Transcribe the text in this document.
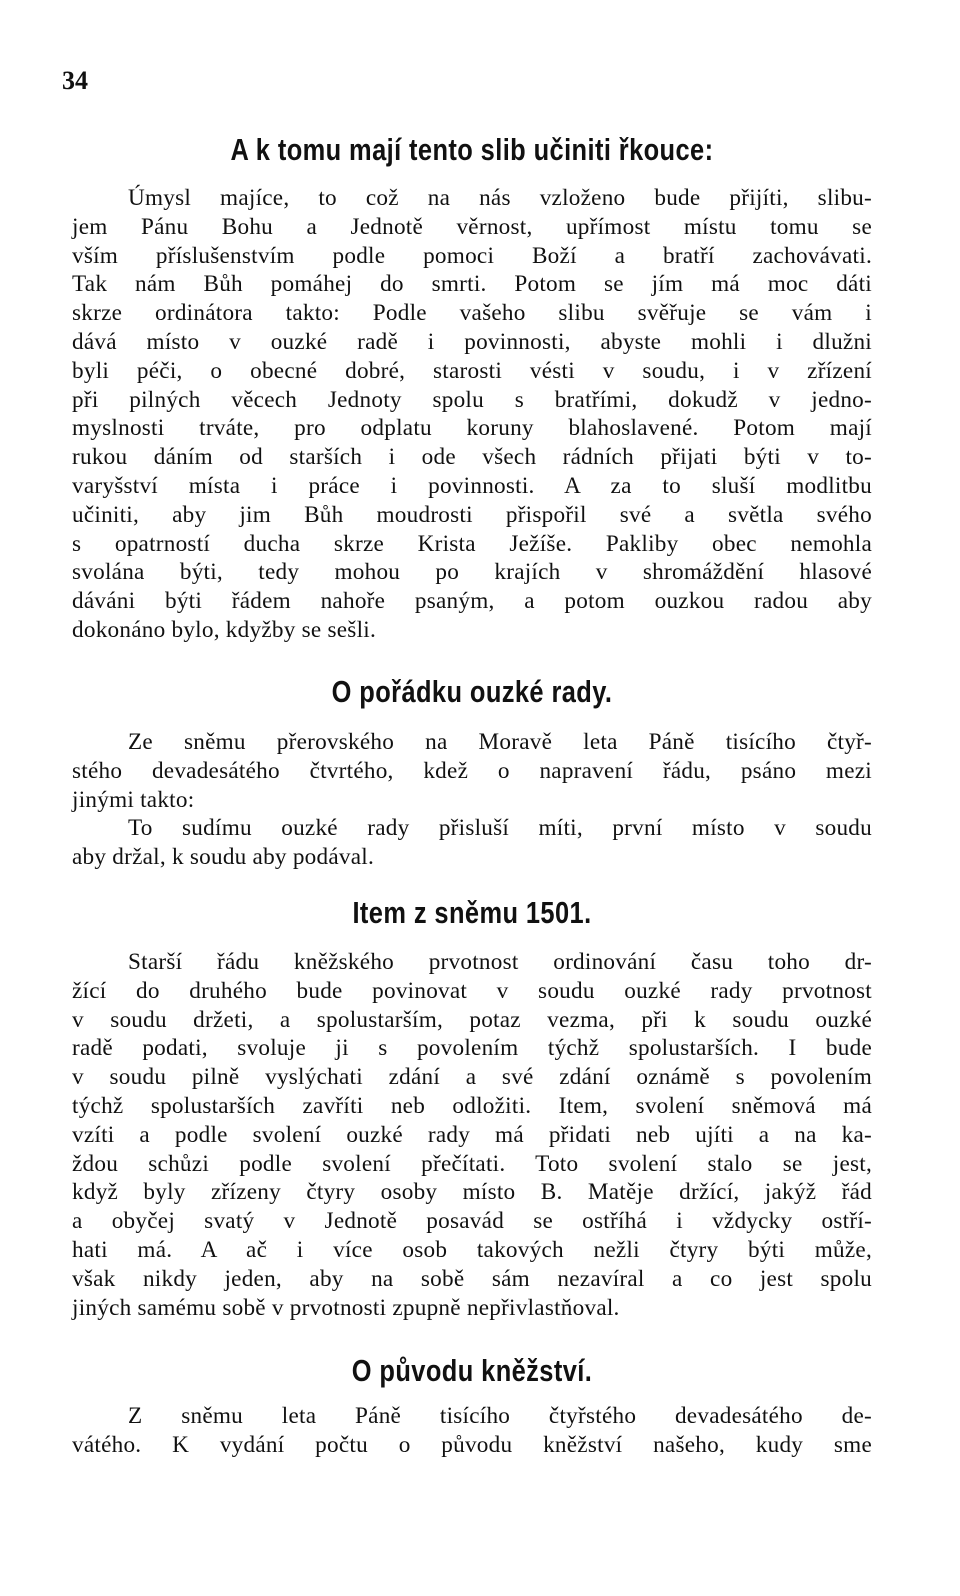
34
A k tomu mají tento slib učiniti řkouce:
Úmysl majíce, to což na nás vzloženo bude přijíti, slibu-
jem Pánu Bohu a Jednotě věrnost, upřímost místu tomu se
vším příslušenstvím podle pomoci Boží a bratří zachovávati.
Tak nám Bůh pomáhej do smrti. Potom se jím má moc dáti
skrze ordinátora takto: Podle vašeho slibu svěřuje se vám i
dává místo v ouzké radě i povinnosti, abyste mohli i dlužni
byli péči, o obecné dobré, starosti vésti v soudu, i v zřízení
při pilných věcech Jednoty spolu s bratřími, dokudž v jedno-
myslnosti trváte, pro odplatu koruny blahoslavené. Potom mají
rukou dáním od starších i ode všech rádních přijati býti v to-
varyšství místa i práce i povinnosti. A za to sluší modlitbu
učiniti, aby jim Bůh moudrosti přispořil své a světla svého
s opatrností ducha skrze Krista Ježíše. Pakliby obec nemohla
svolána býti, tedy mohou po krajích v shromáždění hlasové
dáváni býti řádem nahoře psaným, a potom ouzkou radou aby
dokonáno bylo, kdyžby se sešli.
O pořádku ouzké rady.
Ze sněmu přerovského na Moravě leta Páně tisícího čtyř-
stého devadesátého čtvrtého, kdež o napravení řádu, psáno mezi
jinými takto:
To sudímu ouzké rady přisluší míti, první místo v soudu
aby držal, k soudu aby podával.
Item z sněmu 1501.
Starší řádu kněžského prvotnost ordinování času toho dr-
žící do druhého bude povinovat v soudu ouzké rady prvotnost
v soudu držeti, a spolustarším, potaz vezma, při k soudu ouzké
radě podati, svoluje ji s povolením týchž spolustarších. I bude
v soudu pilně vyslýchati zdání a své zdání oznámě s povolením
týchž spolustarších zavříti neb odložiti. Item, svolení sněmová má
vzíti a podle svolení ouzké rady má přidati neb ujíti a na ka-
ždou schůzi podle svolení přečítati. Toto svolení stalo se jest,
když byly zřízeny čtyry osoby místo B. Matěje držící, jakýž řád
a obyčej svatý v Jednotě posavád se ostříhá i vždycky ostří-
hati má. A ač i více osob takových nežli čtyry býti může,
však nikdy jeden, aby na sobě sám nezavíral a co jest spolu
jiných samému sobě v prvotnosti zpupně nepřivlastňoval.
O původu kněžství.
Z sněmu leta Páně tisícího čtyřstého devadesátého de-
vátého. K vydání počtu o původu kněžství našeho, kudy sme
